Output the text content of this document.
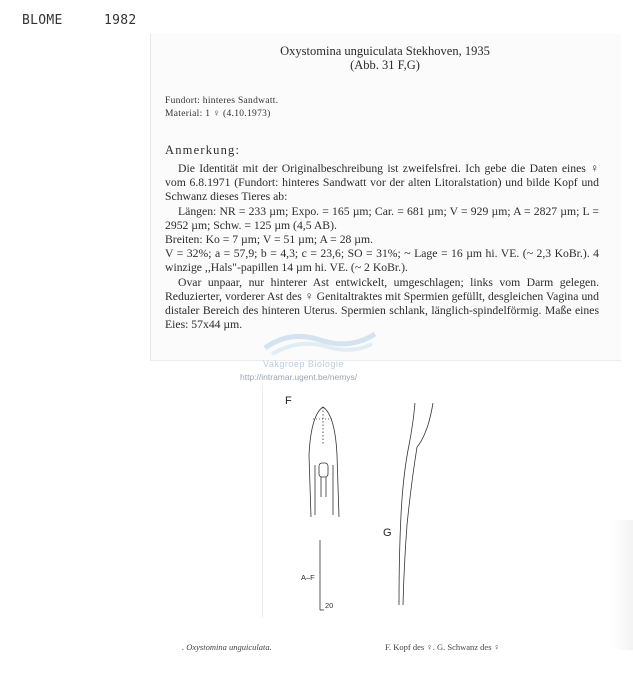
BLOME	1982
Oxystomina unguiculata Stekhoven, 1935
(Abb. 31 F,G)
Fundort: hinteres Sandwatt.
Material: 1 ♀ (4.10.1973)
Anmerkung:

Die Identität mit der Originalbeschreibung ist zweifelsfrei. Ich gebe die Daten eines ♀ vom 6.8.1971 (Fundort: hinteres Sandwatt vor der alten Litoralstation) und bilde Kopf und Schwanz dieses Tieres ab:

Längen: NR = 233 µm; Expo. = 165 µm; Car. = 681 µm; V = 929 µm; A = 2827 µm; L = 2952 µm; Schw. = 125 µm (4,5 AB).

Breiten: Ko = 7 µm; V = 51 µm; A = 28 µm.

V = 32%; a = 57,9; b = 4,3; c = 23,6; SO = 31%; ~ Lage = 16 µm hi. VE. (~ 2,3 KoBr.). 4 winzige ,,Hals"-papillen 14 µm hi. VE. (~ 2 KoBr.).

Ovar unpaar, nur hinterer Ast entwickelt, umgeschlagen; links vom Darm gelegen. Reduzierter, vorderer Ast des ♀ Genitaltraktes mit Spermien gefüllt, desgleichen Vagina und distaler Bereich des hinteren Uterus. Spermien schlank, länglich-spindelförmig. Maße eines Eies: 57x44 µm.

Vakgroep Biologie
http://intramar.ugent.be/nemys/
F
G
A–F
20
. Oxystomina unguiculata.	F. Kopf des ♀. G. Schwanz des ♀
